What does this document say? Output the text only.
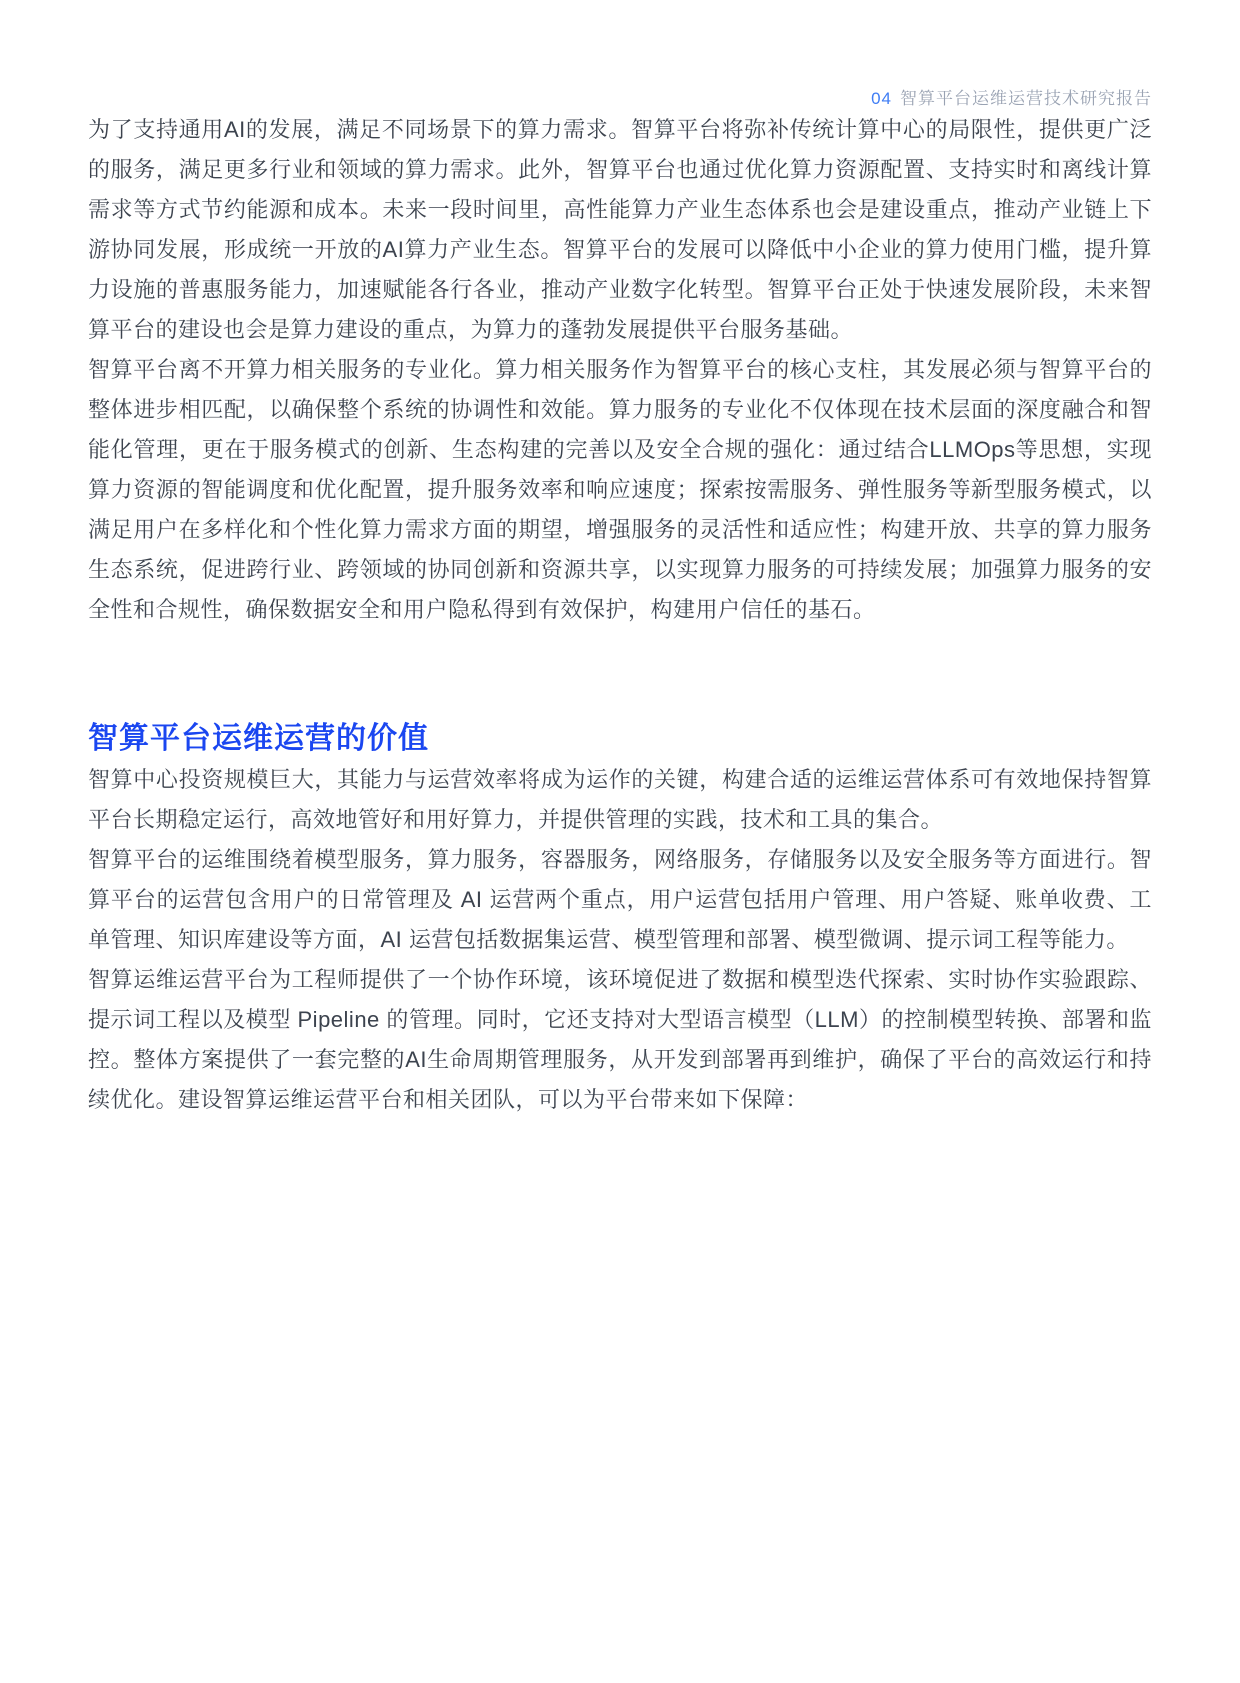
04 智算平台运维运营技术研究报告

为了支持通用AI的发展，满足不同场景下的算力需求。智算平台将弥补传统计算中心的局限性，提供更广泛的服务，满足更多行业和领域的算力需求。此外，智算平台也通过优化算力资源配置、支持实时和离线计算需求等方式节约能源和成本。未来一段时间里，高性能算力产业生态体系也会是建设重点，推动产业链上下游协同发展，形成统一开放的AI算力产业生态。智算平台的发展可以降低中小企业的算力使用门槛，提升算力设施的普惠服务能力，加速赋能各行各业，推动产业数字化转型。智算平台正处于快速发展阶段，未来智算平台的建设也会是算力建设的重点，为算力的蓬勃发展提供平台服务基础。

智算平台离不开算力相关服务的专业化。算力相关服务作为智算平台的核心支柱，其发展必须与智算平台的整体进步相匹配，以确保整个系统的协调性和效能。算力服务的专业化不仅体现在技术层面的深度融合和智能化管理，更在于服务模式的创新、生态构建的完善以及安全合规的强化：通过结合LLMOps等思想，实现算力资源的智能调度和优化配置，提升服务效率和响应速度；探索按需服务、弹性服务等新型服务模式，以满足用户在多样化和个性化算力需求方面的期望，增强服务的灵活性和适应性；构建开放、共享的算力服务生态系统，促进跨行业、跨领域的协同创新和资源共享，以实现算力服务的可持续发展；加强算力服务的安全性和合规性，确保数据安全和用户隐私得到有效保护，构建用户信任的基石。

智算平台运维运营的价值

智算中心投资规模巨大，其能力与运营效率将成为运作的关键，构建合适的运维运营体系可有效地保持智算平台长期稳定运行，高效地管好和用好算力，并提供管理的实践，技术和工具的集合。

智算平台的运维围绕着模型服务，算力服务，容器服务，网络服务，存储服务以及安全服务等方面进行。智算平台的运营包含用户的日常管理及 AI 运营两个重点，用户运营包括用户管理、用户答疑、账单收费、工单管理、知识库建设等方面，AI 运营包括数据集运营、模型管理和部署、模型微调、提示词工程等能力。

智算运维运营平台为工程师提供了一个协作环境，该环境促进了数据和模型迭代探索、实时协作实验跟踪、提示词工程以及模型 Pipeline 的管理。同时，它还支持对大型语言模型（LLM）的控制模型转换、部署和监控。整体方案提供了一套完整的AI生命周期管理服务，从开发到部署再到维护，确保了平台的高效运行和持续优化。建设智算运维运营平台和相关团队，可以为平台带来如下保障：
